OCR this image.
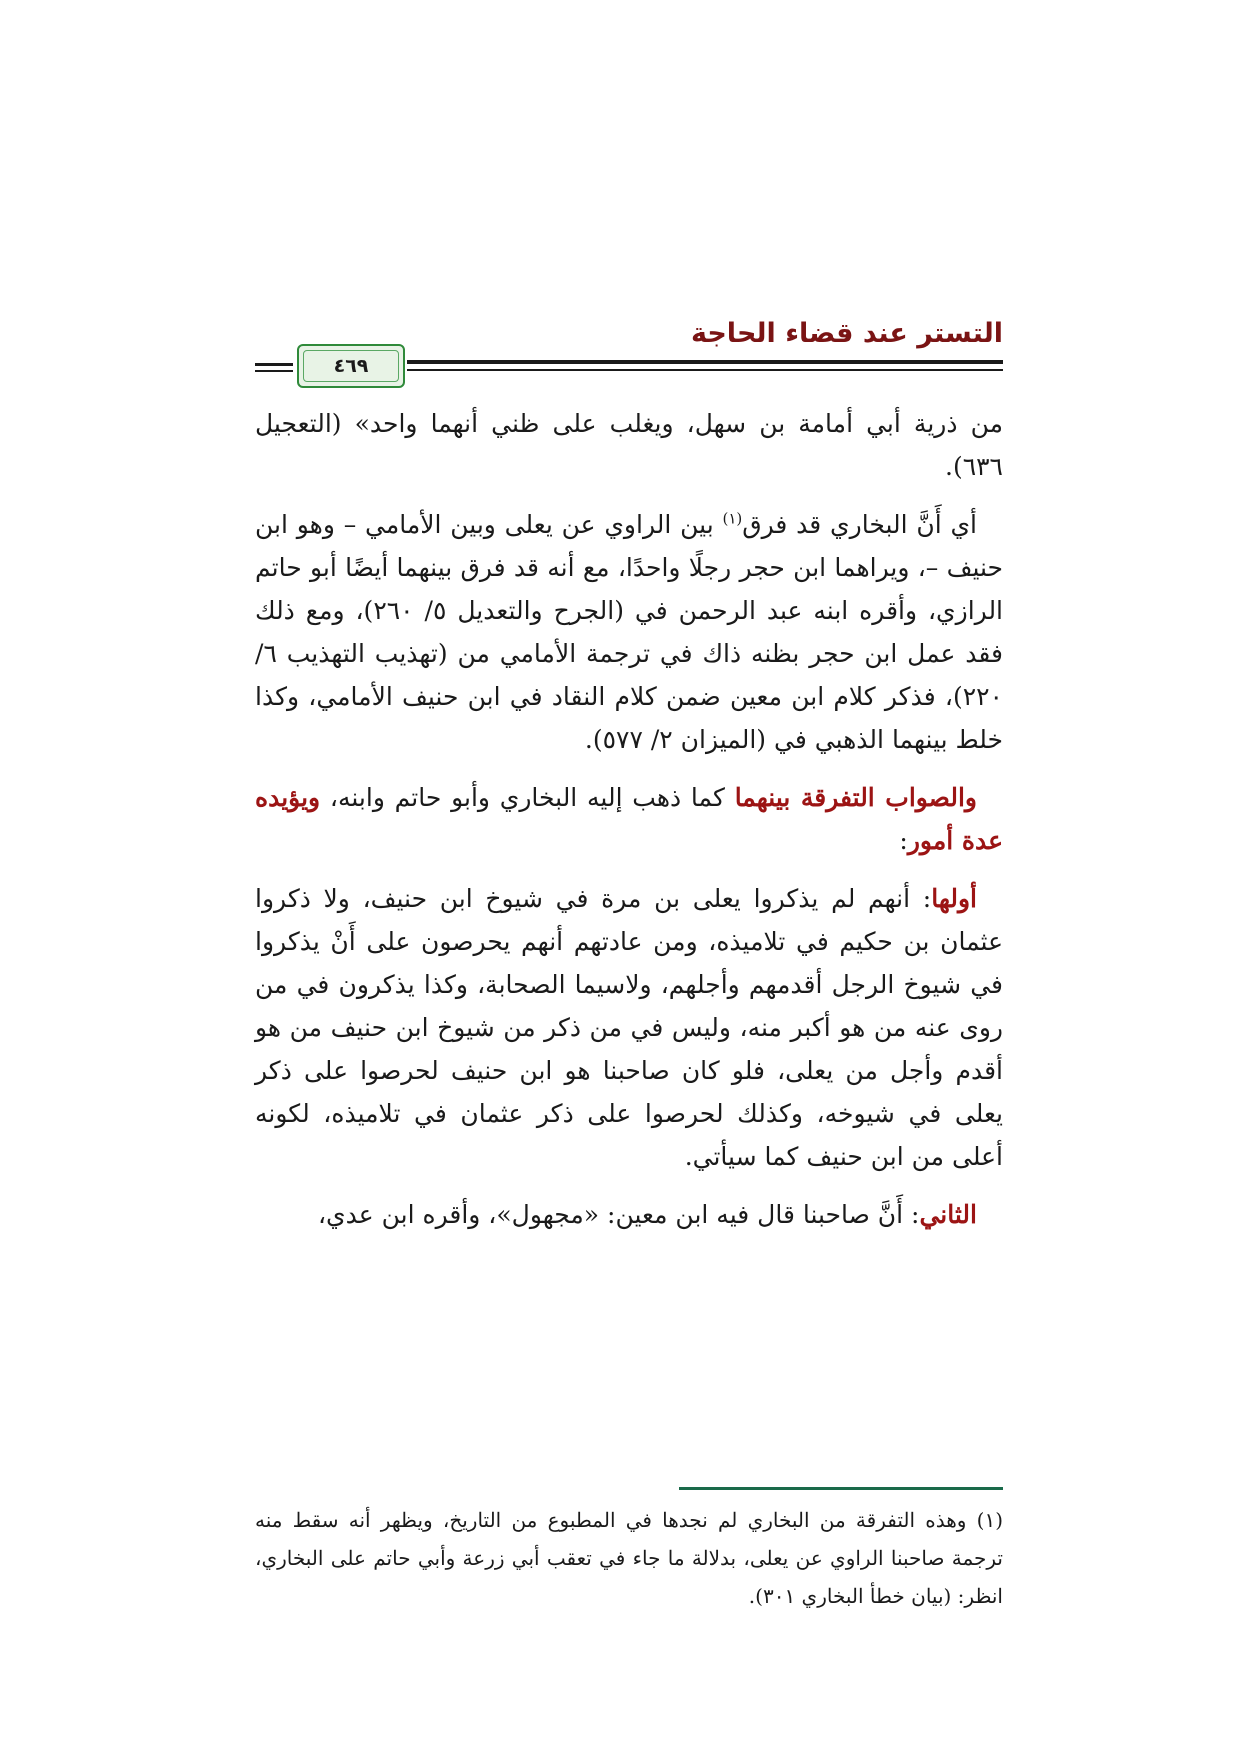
٤٦٩
التستر عند قضاء الحاجة

من ذرية أبي أمامة بن سهل، ويغلب على ظني أنهما واحد» (التعجيل ٦٣٦).

أي أَنَّ البخاري قد فرق$^{(١)}$ بين الراوي عن يعلى وبين الأمامي – وهو ابن حنيف –، ويراهما ابن حجر رجلًا واحدًا، مع أنه قد فرق بينهما أيضًا أبو حاتم الرازي، وأقره ابنه عبد الرحمن في (الجرح والتعديل ٥/ ٢٦٠)، ومع ذلك فقد عمل ابن حجر بظنه ذاك في ترجمة الأمامي من (تهذيب التهذيب ٦/ ٢٢٠)، فذكر كلام ابن معين ضمن كلام النقاد في ابن حنيف الأمامي، وكذا خلط بينهما الذهبي في (الميزان ٢/ ٥٧٧).

والصواب التفرقة بينهما كما ذهب إليه البخاري وأبو حاتم وابنه، ويؤيده عدة أمور:

أولها: أنهم لم يذكروا يعلى بن مرة في شيوخ ابن حنيف، ولا ذكروا عثمان بن حكيم في تلاميذه، ومن عادتهم أنهم يحرصون على أَنْ يذكروا في شيوخ الرجل أقدمهم وأجلهم، ولاسيما الصحابة، وكذا يذكرون في من روى عنه من هو أكبر منه، وليس في من ذكر من شيوخ ابن حنيف من هو أقدم وأجل من يعلى، فلو كان صاحبنا هو ابن حنيف لحرصوا على ذكر يعلى في شيوخه، وكذلك لحرصوا على ذكر عثمان في تلاميذه، لكونه أعلى من ابن حنيف كما سيأتي.

الثاني: أَنَّ صاحبنا قال فيه ابن معين: «مجهول»، وأقره ابن عدي،

(١) وهذه التفرقة من البخاري لم نجدها في المطبوع من التاريخ، ويظهر أنه سقط منه ترجمة صاحبنا الراوي عن يعلى، بدلالة ما جاء في تعقب أبي زرعة وأبي حاتم على البخاري، انظر: (بيان خطأ البخاري ٣٠١).
